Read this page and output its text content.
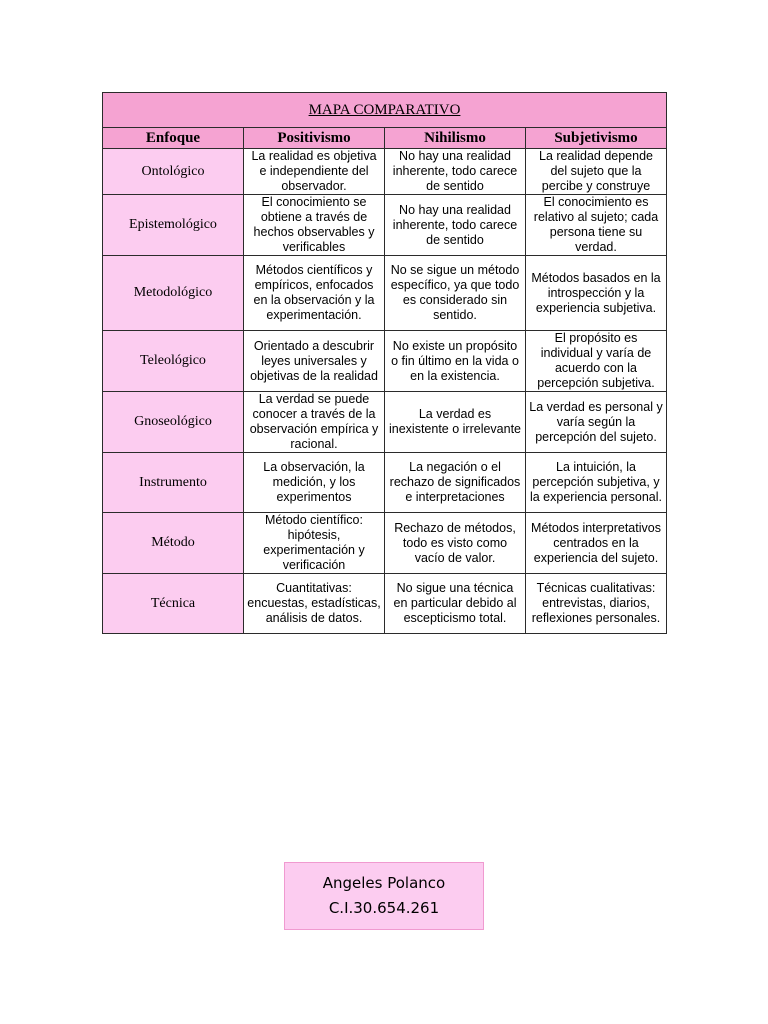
MAPA COMPARATIVO			
Enfoque	Positivismo	Nihilismo	Subjetivismo
Ontológico	La realidad es objetiva e independiente del observador.	No hay una realidad inherente, todo carece de sentido	La realidad depende del sujeto que la percibe y construye
Epistemológico	El conocimiento se obtiene a través de hechos observables y verificables	No hay una realidad inherente, todo carece de sentido	El conocimiento es relativo al sujeto; cada persona tiene su verdad.
Metodológico	Métodos científicos y empíricos, enfocados en la observación y la experimentación.	No se sigue un método específico, ya que todo es considerado sin sentido.	Métodos basados en la introspección y la experiencia subjetiva.
Teleológico	Orientado a descubrir leyes universales y objetivas de la realidad	No existe un propósito o fin último en la vida o en la existencia.	El propósito es individual y varía de acuerdo con la percepción subjetiva.
Gnoseológico	La verdad se puede conocer a través de la observación empírica y racional.	La verdad es inexistente o irrelevante	La verdad es personal y varía según la percepción del sujeto.
Instrumento	La observación, la medición, y los experimentos	La negación o el rechazo de significados e interpretaciones	La intuición, la percepción subjetiva, y la experiencia personal.
Método	Método científico: hipótesis, experimentación y verificación	Rechazo de métodos, todo es visto como vacío de valor.	Métodos interpretativos centrados en la experiencia del sujeto.
Técnica	Cuantitativas: encuestas, estadísticas, análisis de datos.	No sigue una técnica en particular debido al escepticismo total.	Técnicas cualitativas: entrevistas, diarios, reflexiones personales.
Angeles Polanco
C.I.30.654.261
